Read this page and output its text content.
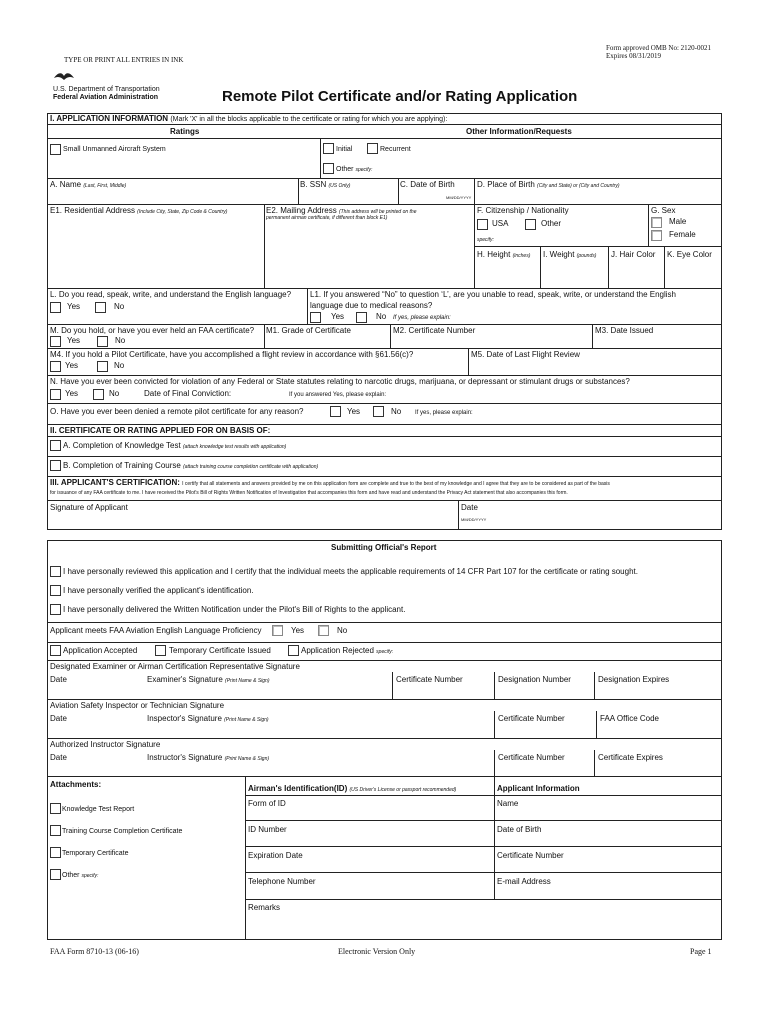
TYPE OR PRINT ALL ENTRIES IN INK
Form approved OMB No: 2120-0021
Expires 08/31/2019
U.S. Department of Transportation
Federal Aviation Administration	Remote Pilot Certificate and/or Rating Application
I. APPLICATION INFORMATION (Mark 'X' in all the blocks applicable to the certificate or rating for which you are applying):
Ratings	Other Information/Requests
Small Unmanned Aircraft System	Initial	Recurrent
Other specify:
A. Name (Last, First, Middle)	B. SSN (US Only)	C. Date of Birth
MM/DD/YYYY
D. Place of Birth (City and State) or (City and Country)
E1. Residential Address (Include City, State, Zip Code & Country)	E2. Mailing Address (This address will be printed on the
permanent airman certificate, if different than block E1)
F. Citizenship / Nationality
USA	Other
specify:
G. Sex
Male
Female
H. Height (inches) I. Weight (pounds) J. Hair Color K. Eye Color
L. Do you read, speak, write, and understand the English language?
Yes	No
L1. If you answered “No” to question ‘L’, are you unable to read, speak, write, or understand the English
language due to medical reasons?
Yes	No If yes, please explain:
M. Do you hold, or have you ever held an FAA certificate?
Yes	No
M1. Grade of Certificate	M2. Certificate Number	M3. Date Issued
M4. If you hold a Pilot Certificate, have you accomplished a flight review in accordance with §61.56(c)?
Yes	No
M5. Date of Last Flight Review
N. Have you ever been convicted for violation of any Federal or State statutes relating to narcotic drugs, marijuana, or depressant or stimulant drugs or substances?
Yes	No	Date of Final Conviction:	If you answered Yes, please explain:
O. Have you ever been denied a remote pilot certificate for any reason?	Yes	No If yes, please explain:
II. CERTIFICATE OR RATING APPLIED FOR ON BASIS OF:
A. Completion of Knowledge Test (attach knowledge test results with application)
B. Completion of Training Course (attach training course completion certificate with application)
III. APPLICANT'S CERTIFICATION: I certify that all statements and answers provided by me on this application form are complete and true to the best of my knowledge and I agree that they are to be considered as part of the basis
for issuance of any FAA certificate to me. I have received the Pilot's Bill of Rights Written Notification of Investigation that accompanies this form and have read and understand the Privacy Act statement that also accompanies this form.
Signature of Applicant	Date
MM/DD/YYYY
Submitting Official's Report
I have personally reviewed this application and I certify that the individual meets the applicable requirements of 14 CFR Part 107 for the certificate or rating sought.
I have personally verified the applicant's identification.
I have personally delivered the Written Notification under the Pilot's Bill of Rights to the applicant.
Applicant meets FAA Aviation English Language Proficiency	Yes	No
Application Accepted	Temporary Certificate Issued	Application Rejected specify:
Designated Examiner or Airman Certification Representative Signature
Date	Examiner's Signature (Print Name & Sign)	Certificate Number	Designation Number	Designation Expires
Aviation Safety Inspector or Technician Signature
Date	Inspector's Signature (Print Name & Sign)	Certificate Number	FAA Office Code
Authorized Instructor Signature
Date	Instructor's Signature (Print Name & Sign)	Certificate Number	Certificate Expires
Attachments:
Knowledge Test Report
Training Course Completion Certificate
Temporary Certificate
Other specify:
Airman's Identification(ID) (US Driver's License or passport recommended)	Applicant Information
Form of ID	Name
ID Number	Date of Birth
Expiration Date	Certificate Number
Telephone Number	E-mail Address
Remarks
FAA Form 8710-13 (06-16)	Electronic Version Only	Page 1
